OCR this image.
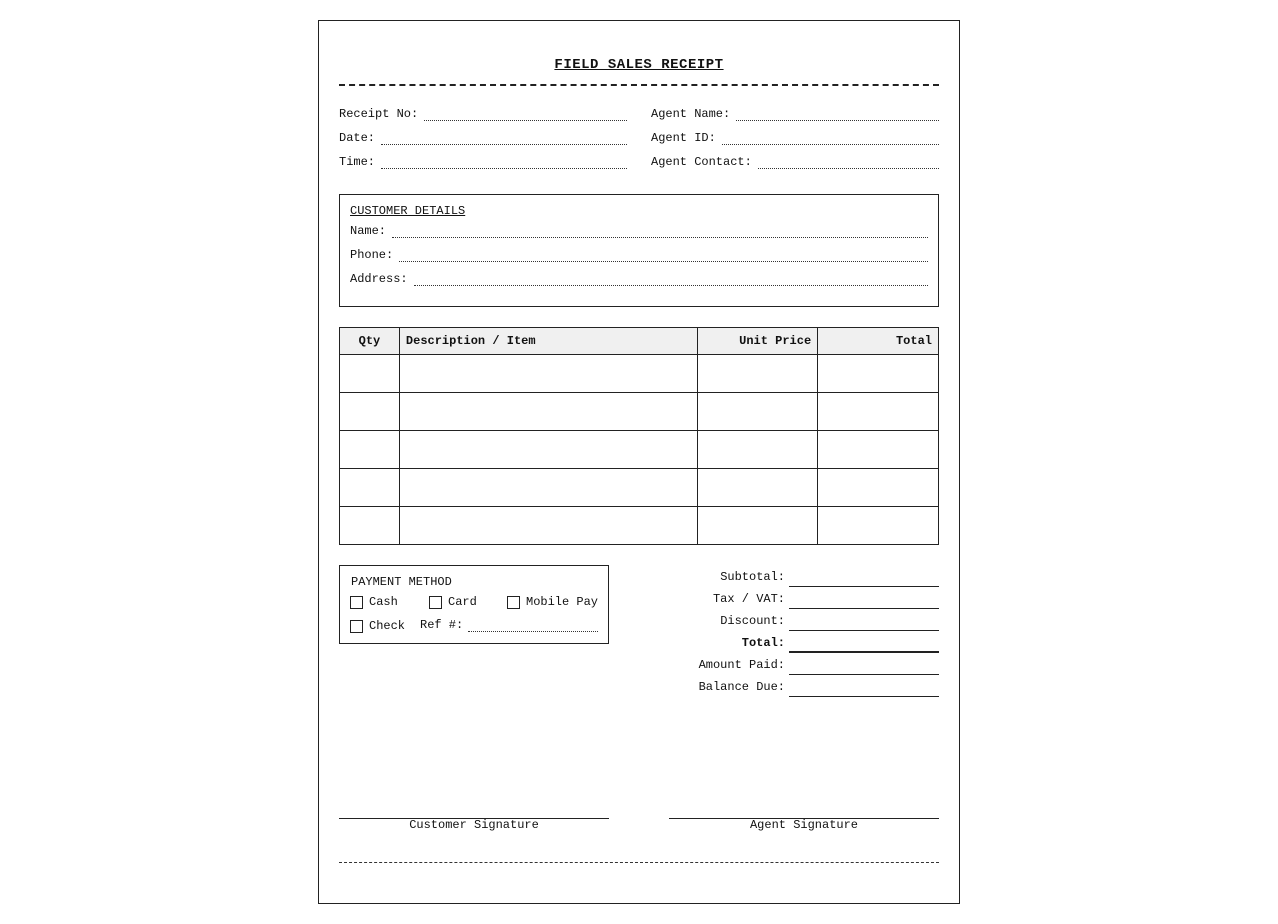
FIELD SALES RECEIPT
Receipt No:
Date:
Time:
Agent Name:
Agent ID:
Agent Contact:
CUSTOMER DETAILS
Name:
Phone:
Address:
Qty	Description / Item	Unit Price	Total

PAYMENT METHOD
Cash	Card	Mobile Pay
Check Ref #:
Subtotal:
Tax / VAT:
Discount:
Total:
Amount Paid:
Balance Due:
Customer Signature	Agent Signature
